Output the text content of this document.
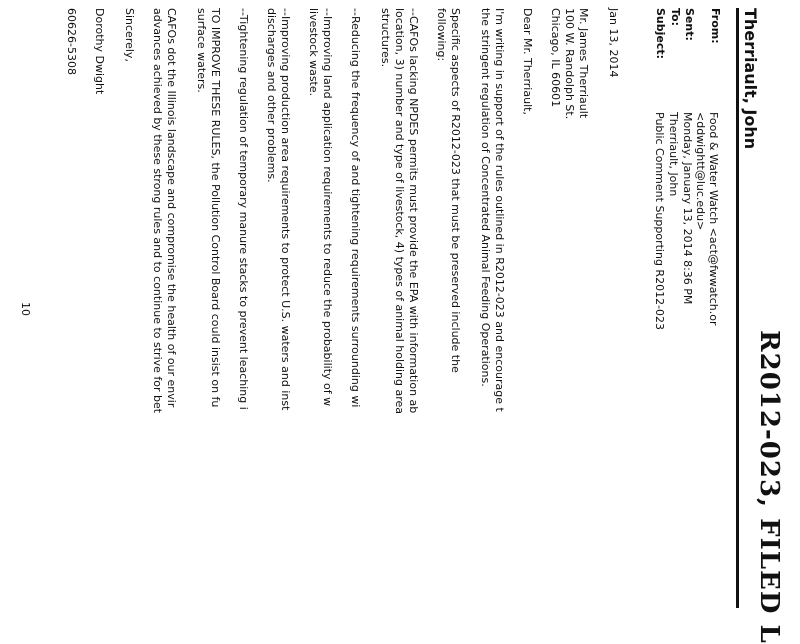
R2012-023, FILED L
Therriault, John
From:
Food & Water Watch <act@fwwatch.or
<ddwightt@luc.edu>
Sent:
Monday, January 13, 2014 8:36 PM
To:
Therriault, John
Subject:
Public Comment Supporting R2012-023
Jan 13, 2014
Mr. James Therriault
100 W. Randolph St.
Chicago, IL 60601
Dear Mr. Therriault,
I'm writing in support of the rules outlined in R2012-023 and encourage t
the stringent regulation of Concentrated Animal Feeding Operations.
Specific aspects of R2012-023 that must be preserved include the
following:
--CAFOs lacking NPDES permits must provide the EPA with information ab
location, 3) number and type of livestock, 4) types of animal holding area
structures.
--Reducing the frequency of and tightening requirements surrounding wi
--Improving land application requirements to reduce the probability of w
livestock waste.
--Improving production area requirements to protect U.S. waters and inst
discharges and other problems.
--Tightening regulation of temporary manure stacks to prevent leaching i
TO IMPROVE THESE RULES, the Pollution Control Board could insist on fu
surface waters.
CAFOs dot the Illinois landscape and compromise the health of our envir
advances achieved by these strong rules and to continue to strive for bet
Sincerely,
Dorothy Dwight
60626-5308
10
